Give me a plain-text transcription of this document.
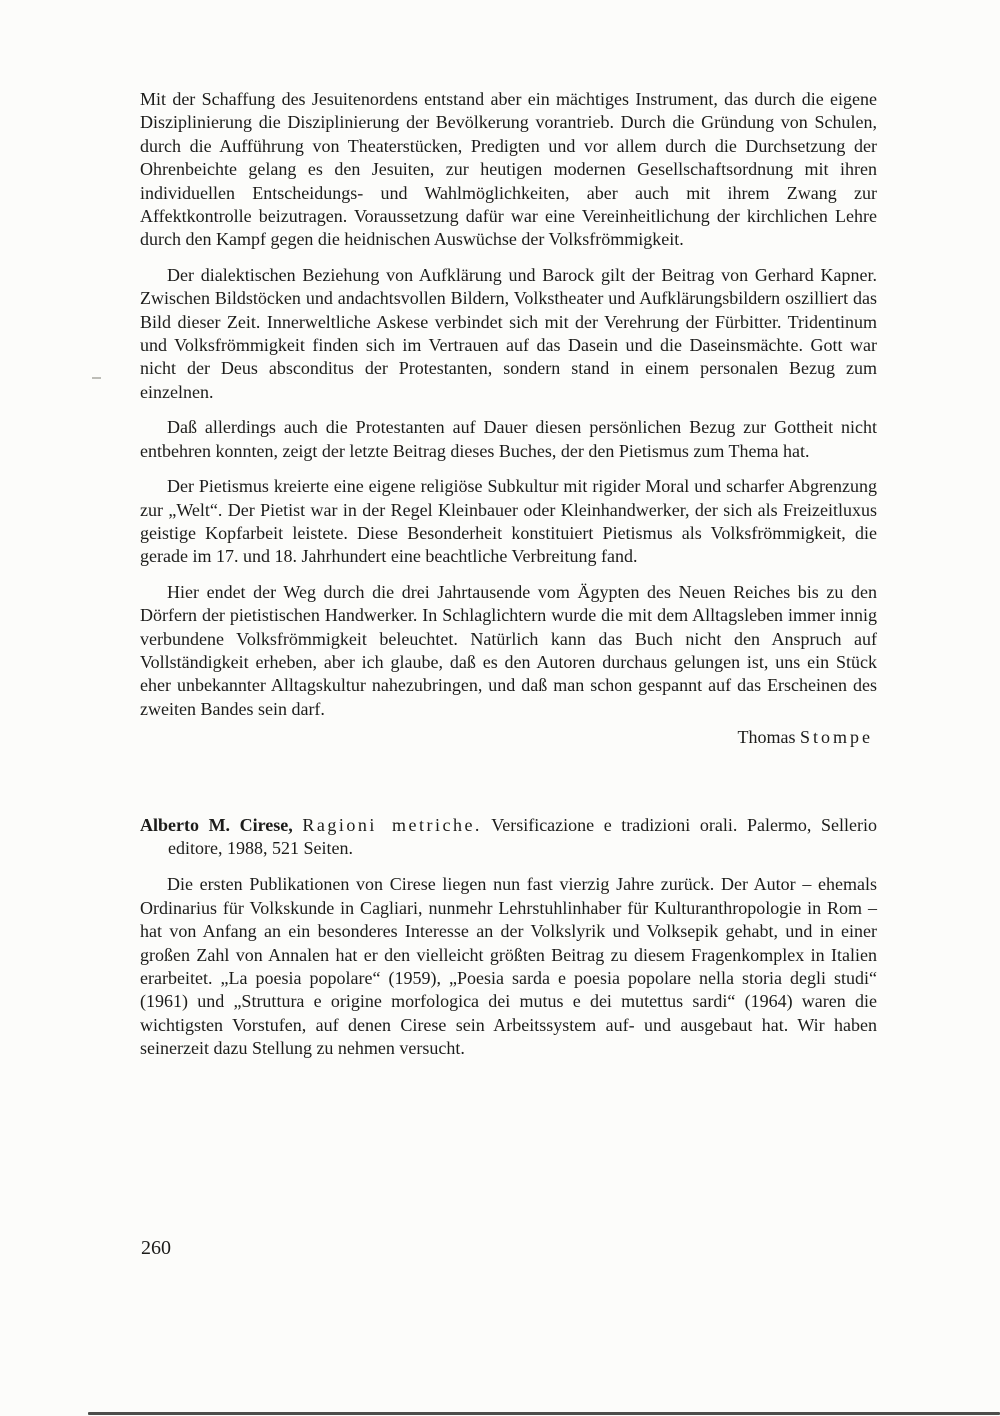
Mit der Schaffung des Jesuitenordens entstand aber ein mächtiges Instrument, das durch die eigene Disziplinierung die Disziplinierung der Bevölkerung vorantrieb. Durch die Gründung von Schulen, durch die Aufführung von Theaterstücken, Predigten und vor allem durch die Durchsetzung der Ohrenbeichte gelang es den Jesuiten, zur heutigen modernen Gesellschaftsordnung mit ihren individuellen Entscheidungs- und Wahlmöglichkeiten, aber auch mit ihrem Zwang zur Affektkontrolle beizutragen. Voraussetzung dafür war eine Vereinheitlichung der kirchlichen Lehre durch den Kampf gegen die heidnischen Auswüchse der Volksfrömmigkeit.

Der dialektischen Beziehung von Aufklärung und Barock gilt der Beitrag von Gerhard Kapner. Zwischen Bildstöcken und andachtsvollen Bildern, Volkstheater und Aufklärungsbildern oszilliert das Bild dieser Zeit. Innerweltliche Askese verbindet sich mit der Verehrung der Fürbitter. Tridentinum und Volksfrömmigkeit finden sich im Vertrauen auf das Dasein und die Daseinsmächte. Gott war nicht der Deus absconditus der Protestanten, sondern stand in einem personalen Bezug zum einzelnen.

Daß allerdings auch die Protestanten auf Dauer diesen persönlichen Bezug zur Gottheit nicht entbehren konnten, zeigt der letzte Beitrag dieses Buches, der den Pietismus zum Thema hat.

Der Pietismus kreierte eine eigene religiöse Subkultur mit rigider Moral und scharfer Abgrenzung zur „Welt“. Der Pietist war in der Regel Kleinbauer oder Kleinhandwerker, der sich als Freizeitluxus geistige Kopfarbeit leistete. Diese Besonderheit konstituiert Pietismus als Volksfrömmigkeit, die gerade im 17. und 18. Jahrhundert eine beachtliche Verbreitung fand.

Hier endet der Weg durch die drei Jahrtausende vom Ägypten des Neuen Reiches bis zu den Dörfern der pietistischen Handwerker. In Schlaglichtern wurde die mit dem Alltagsleben immer innig verbundene Volksfrömmigkeit beleuchtet. Natürlich kann das Buch nicht den Anspruch auf Vollständigkeit erheben, aber ich glaube, daß es den Autoren durchaus gelungen ist, uns ein Stück eher unbekannter Alltagskultur nahezubringen, und daß man schon gespannt auf das Erscheinen des zweiten Bandes sein darf.

Thomas Stompe

Alberto M. Cirese, Ragioni metriche. Versificazione e tradizioni orali. Palermo, Sellerio editore, 1988, 521 Seiten.

Die ersten Publikationen von Cirese liegen nun fast vierzig Jahre zurück. Der Autor – ehemals Ordinarius für Volkskunde in Cagliari, nunmehr Lehrstuhlinhaber für Kulturanthropologie in Rom – hat von Anfang an ein besonderes Interesse an der Volkslyrik und Volksepik gehabt, und in einer großen Zahl von Annalen hat er den vielleicht größten Beitrag zu diesem Fragenkomplex in Italien erarbeitet. „La poesia popolare“ (1959), „Poesia sarda e poesia popolare nella storia degli studi“ (1961) und „Struttura e origine morfologica dei mutus e dei mutettus sardi“ (1964) waren die wichtigsten Vorstufen, auf denen Cirese sein Arbeitssystem auf- und ausgebaut hat. Wir haben seinerzeit dazu Stellung zu nehmen versucht.

260
